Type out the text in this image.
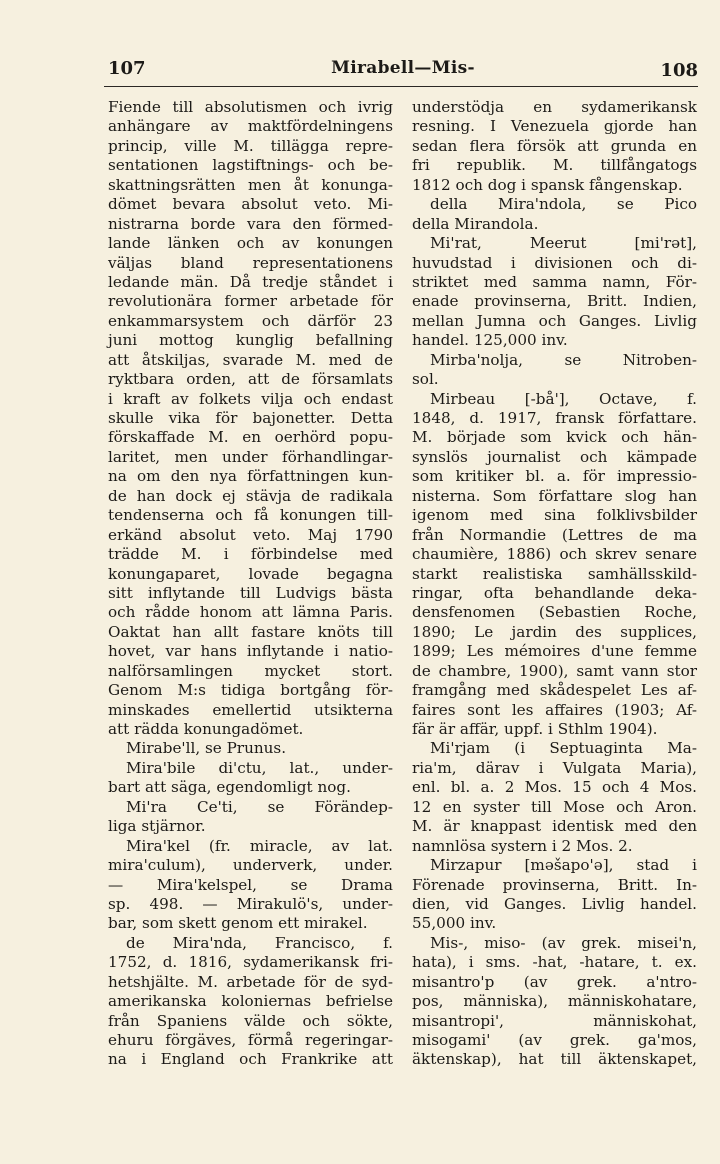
107	Mirabell—Mis-	108
Fiende till absolutismen och ivrig
anhängare av maktfördelningens
princip, ville M. tillägga repre-
sentationen lagstiftnings- och be-
skattningsrätten men åt konunga-
dömet bevara absolut veto. Mi-
nistrarna borde vara den förmed-
lande länken och av konungen
väljas bland representationens
ledande män. Då tredje ståndet i
revolutionära former arbetade för
enkammarsystem och därför 23
juni mottog kunglig befallning
att åtskiljas, svarade M. med de
ryktbara orden, att de församlats
i kraft av folkets vilja och endast
skulle vika för bajonetter. Detta
förskaffade M. en oerhörd popu-
laritet, men under förhandlingar-
na om den nya författningen kun-
de han dock ej stävja de radikala
tendenserna och få konungen till-
erkänd absolut veto. Maj 1790
trädde M. i förbindelse med
konungaparet, lovade begagna
sitt inflytande till Ludvigs bästa
och rådde honom att lämna Paris.
Oaktat han allt fastare knöts till
hovet, var hans inflytande i natio-
nalförsamlingen mycket stort.
Genom M:s tidiga bortgång för-
minskades emellertid utsikterna
att rädda konungadömet.
Mirabe'll, se Prunus.
Mira'bile di'ctu, lat., under-
bart att säga, egendomligt nog.
Mi'ra Ce'ti, se Förändер-
liga stjärnor.
Mira'kel (fr. miracle, av lat.
mira'culum), underverk, under.
— Mira'kelspel, se Drama
sp. 498. — Mirakulö's, under-
bar, som skett genom ett mirakel.
de Mira'nda, Francisco, f.
1752, d. 1816, sydamerikansk fri-
hetshjälte. M. arbetade för de syd-
amerikanska koloniernas befrielse
från Spaniens välde och sökte,
ehuru förgäves, förmå regeringar-
na i England och Frankrike att
understödja en sydamerikansk
resning. I Venezuela gjorde han
sedan flera försök att grunda en
fri republik. M. tillfångatogs
1812 och dog i spansk fångenskap.
della Mira'ndola, se Pico
della Mirandola.
Mi'rat, Meerut [mi'rət],
huvudstad i divisionen och di-
striktet med samma namn, För-
enade provinserna, Britt. Indien,
mellan Jumna och Ganges. Livlig
handel. 125,000 inv.
Mirba'nolja, se Nitroben-
sol.
Mirbeau [-bå'], Octave, f.
1848, d. 1917, fransk författare.
M. började som kvick och hän-
synslös journalist och kämpade
som kritiker bl. a. för impressio-
nisterna. Som författare slog han
igenom med sina folklivsbilder
från Normandie (Lettres de ma
chaumière, 1886) och skrev senare
starkt realistiska samhällsskild-
ringar, ofta behandlande deka-
densfenomen (Sebastien Roche,
1890; Le jardin des supplices,
1899; Les mémoires d'une femme
de chambre, 1900), samt vann stor
framgång med skådespelet Les af-
faires sont les affaires (1903; Af-
fär är affär, uppf. i Sthlm 1904).
Mi'rjam (i Septuaginta Ma-
ria'm, därav i Vulgata Maria),
enl. bl. a. 2 Mos. 15 och 4 Mos.
12 en syster till Mose och Aron.
M. är knappast identisk med den
namnlösa systern i 2 Mos. 2.
Mirzapur [mǝšapo'ǝ], stad i
Förenade provinserna, Britt. In-
dien, vid Ganges. Livlig handel.
55,000 inv.
Mis-, miso- (av grek. misei'n,
hata), i sms. -hat, -hatare, t. ex.
misantro'p (av grek. a'ntro-
pos, människa), människohatare,
misantropi', människohat,
misogami' (av grek. ga'mos,
äktenskap), hat till äktenskapet,
